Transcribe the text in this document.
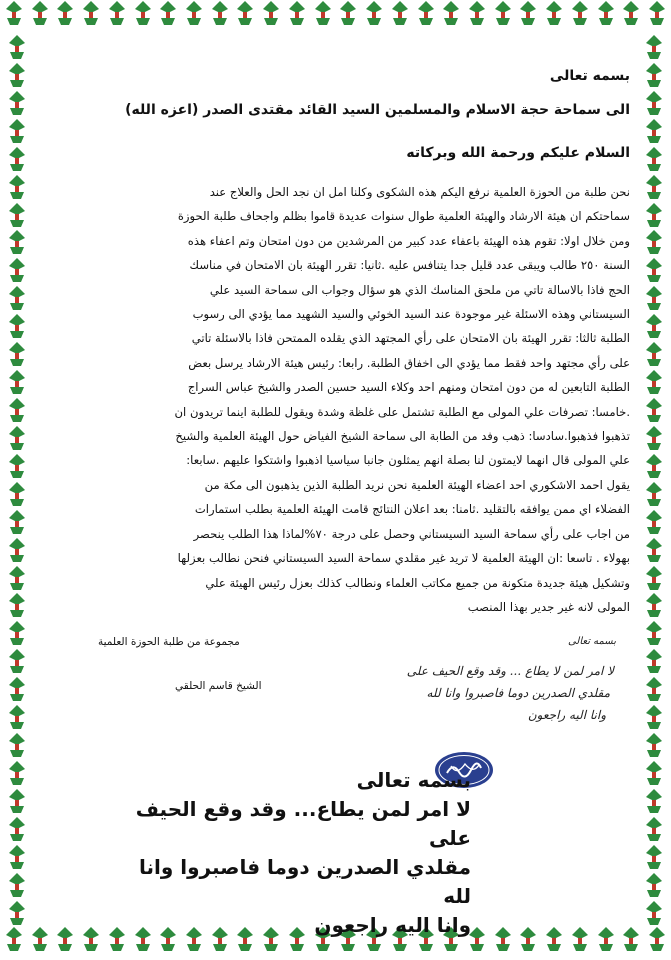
بسمه تعالى
الى سماحة حجة الاسلام والمسلمين السيد القائد مقتدى الصدر (اعزه الله)
السلام عليكم ورحمة الله وبركاته
نحن طلبة من الحوزة العلمية نرفع اليكم هذه الشكوى وكلنا امل ان نجد الحل والعلاج عند
سماحتكم ان هيئة الارشاد والهيئة العلمية طوال سنوات عديدة قاموا بظلم واجحاف طلبة الحوزة
ومن خلال اولا: تقوم هذه الهيئة باعفاء عدد كبير من المرشدين من دون امتحان وتم اعفاء هذه
السنة ٢٥٠ طالب ويبقى عدد قليل جدا يتنافس عليه .ثانيا: تقرر الهيئة بان الامتحان في مناسك
الحج فاذا بالاسالة تاتي من ملحق المناسك الذي هو سؤال وجواب الى سماحة السيد علي
السيستاني وهذه الاسئلة غير موجودة عند السيد الخوئي والسيد الشهيد مما يؤدي الى رسوب
الطلبة ثالثا: تقرر الهيئة بان الامتحان على رأي المجتهد الذي يقلده الممتحن فاذا بالاسئلة تاتي
على رأي مجتهد واحد فقط مما يؤدي الى اخفاق الطلبة. رابعا: رئيس هيئة الارشاد يرسل بعض
الطلبة التابعين له من دون امتحان ومنهم احد وكلاء السيد حسين الصدر والشيخ عباس السراج
.خامسا: تصرفات علي المولى مع الطلبة تشتمل على غلظة وشدة ويقول للطلبة اينما تريدون ان
تذهبوا فذهبوا.سادسا: ذهب وفد من الطابة الى سماحة الشيخ الفياض حول الهيئة العلمية والشيخ
علي المولى قال انهما لايمتون لنا بصلة انهم يمثلون جانبا سياسيا اذهبوا واشتكوا عليهم .سابعا:
يقول احمد الاشكوري احد اعضاء الهيئة العلمية نحن نريد الطلبة الذين يذهبون الى مكة من
الفضلاء اي ممن يوافقه بالتقليد .ثامنا: بعد اعلان النتائج قامت الهيئة العلمية بطلب استمارات
من اجاب على رأي سماحة السيد السيستاني وحصل على درجة ٧٠%لماذا هذا الطلب ينحصر
بهولاء . تاسعا :ان الهيئة العلمية لا تريد غير مقلدي سماحة السيد السيستاني فنحن نطالب بعزلها
وتشكيل هيئة جديدة متكونة من جميع مكاتب العلماء ونطالب كذلك بعزل رئيس الهيئة علي
المولى لانه غير جدير بهذا المنصب
مجموعة من طلبة الحوزة العلمية
الشيخ قاسم الحلقي
بسمه تعالى
لا امر لمن لا يطاع ... وقد وقع الحيف على
مقلدي الصدرين دوما فاصبروا وانا لله
وانا اليه راجعون
بسمه تعالى
لا امر لمن يطاع... وقد وقع الحيف على
مقلدي الصدرين دوما فاصبروا وانا لله
وانا اليه راجعون
